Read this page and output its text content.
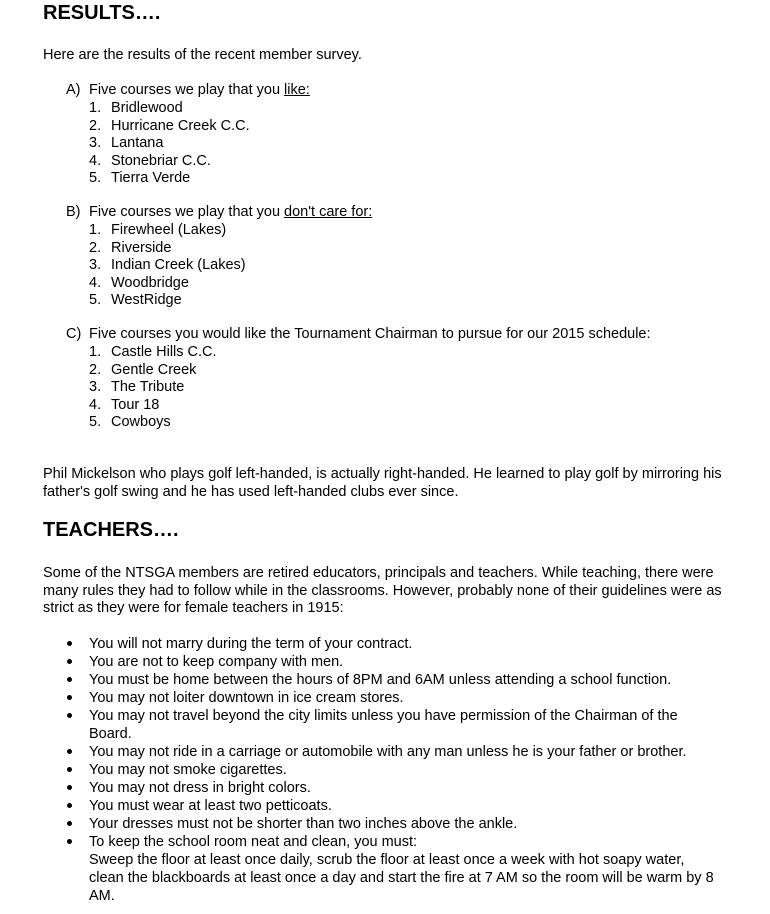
RESULTS….

Here are the results of the recent member survey.

A) Five courses we play that you like:

1. Bridlewood
2. Hurricane Creek C.C.
3. Lantana
4. Stonebriar C.C.
5. Tierra Verde

B) Five courses we play that you don't care for:

1. Firewheel (Lakes)
2. Riverside
3. Indian Creek (Lakes)
4. Woodbridge
5. WestRidge

C) Five courses you would like the Tournament Chairman to pursue for our 2015 schedule:

1. Castle Hills C.C.
2. Gentle Creek
3. The Tribute
4. Tour 18
5. Cowboys

Phil Mickelson who plays golf left-handed, is actually right-handed. He learned to play golf by mirroring his father's golf swing and he has used left-handed clubs ever since.

TEACHERS….

Some of the NTSGA members are retired educators, principals and teachers. While teaching, there were many rules they had to follow while in the classrooms. However, probably none of their guidelines were as strict as they were for female teachers in 1915:

You will not marry during the term of your contract.
You are not to keep company with men.
You must be home between the hours of 8PM and 6AM unless attending a school function.
You may not loiter downtown in ice cream stores.
You may not travel beyond the city limits unless you have permission of the Chairman of the Board.
You may not ride in a carriage or automobile with any man unless he is your father or brother.
You may not smoke cigarettes.
You may not dress in bright colors.
You must wear at least two petticoats.
Your dresses must not be shorter than two inches above the ankle.
To keep the school room neat and clean, you must:
Sweep the floor at least once daily, scrub the floor at least once a week with hot soapy water, clean the blackboards at least once a day and start the fire at 7 AM so the room will be warm by 8 AM.
